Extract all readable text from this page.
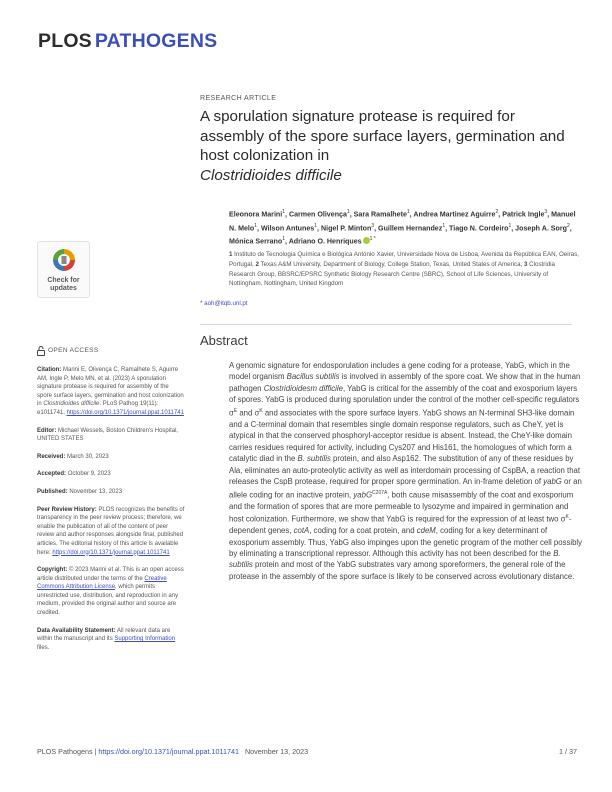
PLOS PATHOGENS
RESEARCH ARTICLE
A sporulation signature protease is required for assembly of the spore surface layers, germination and host colonization in
Clostridioides difficile
Eleonora Marini$^1$, Carmen Olivença$^1$, Sara Ramalhete$^1$, Andrea Martinez Aguirre$^2$, Patrick Ingle$^3$, Manuel N. Melo$^1$, Wilson Antunes$^1$, Nigel P. Minton$^3$, Guillem Hernandez$^1$, Tiago N. Cordeiro$^1$, Joseph A. Sorg$^2$, Mónica Serrano$^1$, Adriano O. Henriques $^{1 *}$
1 Instituto de Tecnologia Química e Biológica António Xavier, Universidade Nova de Lisboa, Avenida da República EAN, Oeiras, Portugal, 2 Texas A&M University, Department of Biology, College Station, Texas, United States of America, 3 Clostridia Research Group, BBSRC/EPSRC Synthetic Biology Research Centre (SBRC), School of Life Sciences, University of Nottingham, Nottingham, United Kingdom
* aoh@itqb.unl.pt
Abstract
A genomic signature for endosporulation includes a gene coding for a protease, YabG, which in the model organism Bacillus subtilis is involved in assembly of the spore coat. We show that in the human pathogen Clostridioidesm difficile, YabG is critical for the assembly of the coat and exosporium layers of spores. YabG is produced during sporulation under the control of the mother cell-specific regulators $\sigma^E$ and $\sigma^K$ and associates with the spore surface layers. YabG shows an N-terminal SH3-like domain and a C-terminal domain that resembles single domain response regulators, such as CheY, yet is atypical in that the conserved phosphoryl-acceptor residue is absent. Instead, the CheY-like domain carries residues required for activity, including Cys207 and His161, the homologues of which form a catalytic diad in the B. subtilis protein, and also Asp162. The substitution of any of these residues by Ala, eliminates an auto-proteolytic activity as well as interdomain processing of CspBA, a reaction that releases the CspB protease, required for proper spore germination. An in-frame deletion of yabG or an allele coding for an inactive protein, yabG$^{C207A}$, both cause misassembly of the coat and exosporium and the formation of spores that are more permeable to lysozyme and impaired in germination and host colonization. Furthermore, we show that YabG is required for the expression of at least two $\sigma^K$-dependent genes, cotA, coding for a coat protein, and cdeM, coding for a key determinant of exosporium assembly. Thus, YabG also impinges upon the genetic program of the mother cell possibly by eliminating a transcriptional repressor. Although this activity has not been described for the B. subtilis protein and most of the YabG substrates vary among sporeformers, the general role of the protease in the assembly of the spore surface is likely to be conserved across evolutionary distance.
Check for
updates
OPEN ACCESS
Citation: Marini E, Olivença C, Ramalhete S, Aguirre AM, Ingle P, Melo MN, et al. (2023) A sporulation signature protease is required for assembly of the spore surface layers, germination and host colonization in Clostridioides difficile. PLoS Pathog 19(11): e1011741. https://doi.org/10.1371/journal.ppat.1011741
Editor: Michael Wessels, Boston Children's Hospital, UNITED STATES
Received: March 30, 2023
Accepted: October 9, 2023
Published: November 13, 2023
Peer Review History: PLOS recognizes the benefits of transparency in the peer review process; therefore, we enable the publication of all of the content of peer review and author responses alongside final, published articles. The editorial history of this article is available here: https://doi.org/10.1371/journal.ppat.1011741
Copyright: © 2023 Marini et al. This is an open access article distributed under the terms of the Creative Commons Attribution License, which permits unrestricted use, distribution, and reproduction in any medium, provided the original author and source are credited.
Data Availability Statement: All relevant data are within the manuscript and its Supporting Information files.
PLOS Pathogens | https://doi.org/10.1371/journal.ppat.1011741 November 13, 2023	1 / 37
